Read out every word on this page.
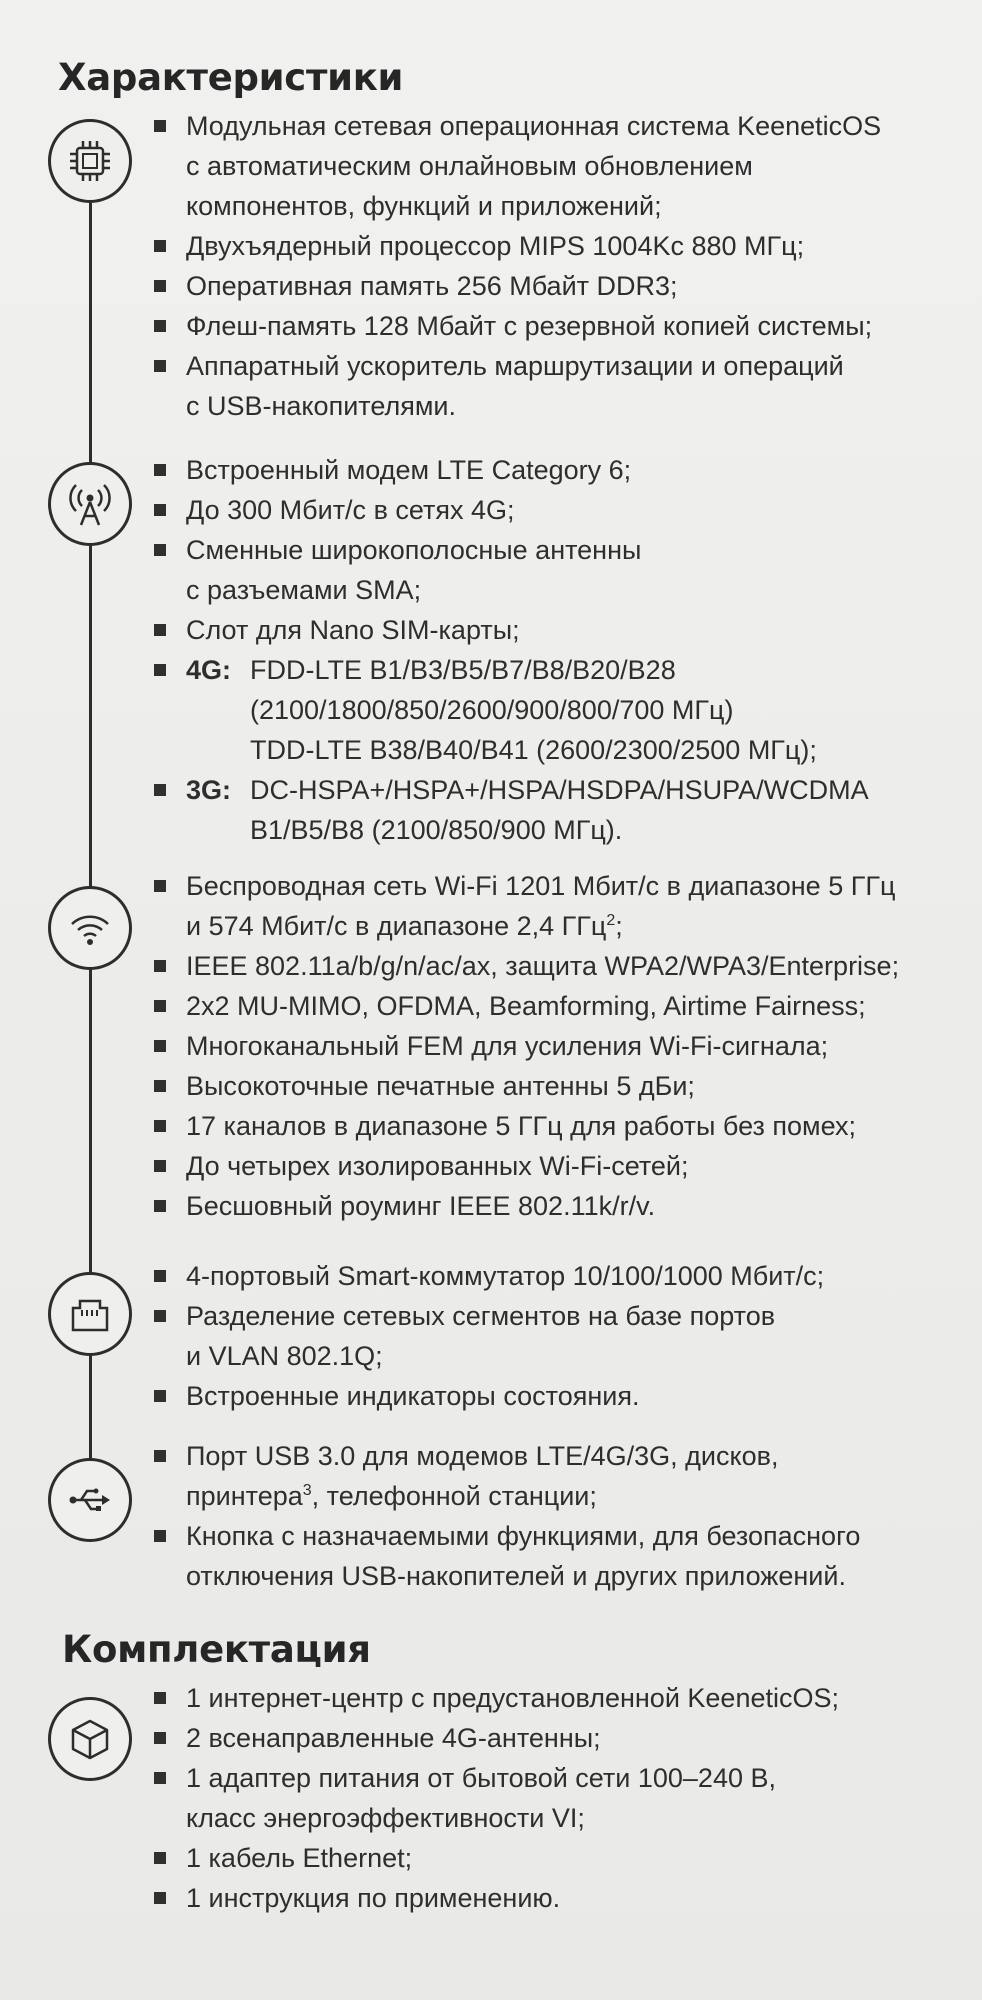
Характеристики
Модульная сетевая операционная система KeeneticOS
с автоматическим онлайновым обновлением
компонентов, функций и приложений;
Двухъядерный процессор MIPS 1004Kc 880 МГц;
Оперативная память 256 Мбайт DDR3;
Флеш-память 128 Мбайт с резервной копией системы;
Аппаратный ускоритель маршрутизации и операций
с USB-накопителями.
Встроенный модем LTE Category 6;
До 300 Мбит/с в сетях 4G;
Сменные широкополосные антенны
с разъемами SMA;
Слот для Nano SIM-карты;
4G: FDD-LTE B1/B3/B5/B7/B8/B20/B28
(2100/1800/850/2600/900/800/700 МГц)
TDD-LTE B38/B40/B41 (2600/2300/2500 МГц);
3G: DC-HSPA+/HSPA+/HSPA/HSDPA/HSUPA/WCDMA
B1/B5/B8 (2100/850/900 МГц).
Беспроводная сеть Wi-Fi 1201 Мбит/с в диапазоне 5 ГГц
и 574 Мбит/с в диапазоне 2,4 ГГц$^2$;
IEEE 802.11a/b/g/n/ac/ax, защита WPA2/WPA3/Enterprise;
2x2 MU-MIMO, OFDMA, Beamforming, Airtime Fairness;
Многоканальный FEM для усиления Wi-Fi-сигнала;
Высокоточные печатные антенны 5 дБи;
17 каналов в диапазоне 5 ГГц для работы без помех;
До четырех изолированных Wi-Fi-сетей;
Бесшовный роуминг IEEE 802.11k/r/v.
4-портовый Smart-коммутатор 10/100/1000 Мбит/с;
Разделение сетевых сегментов на базе портов
и VLAN 802.1Q;
Встроенные индикаторы состояния.
Порт USB 3.0 для модемов LTE/4G/3G, дисков,
принтера$^3$, телефонной станции;
Кнопка с назначаемыми функциями, для безопасного
отключения USB-накопителей и других приложений.
Комплектация
1 интернет-центр с предустановленной KeeneticOS;
2 всенаправленные 4G-антенны;
1 адаптер питания от бытовой сети 100–240 В,
класс энергоэффективности VI;
1 кабель Ethernet;
1 инструкция по применению.
